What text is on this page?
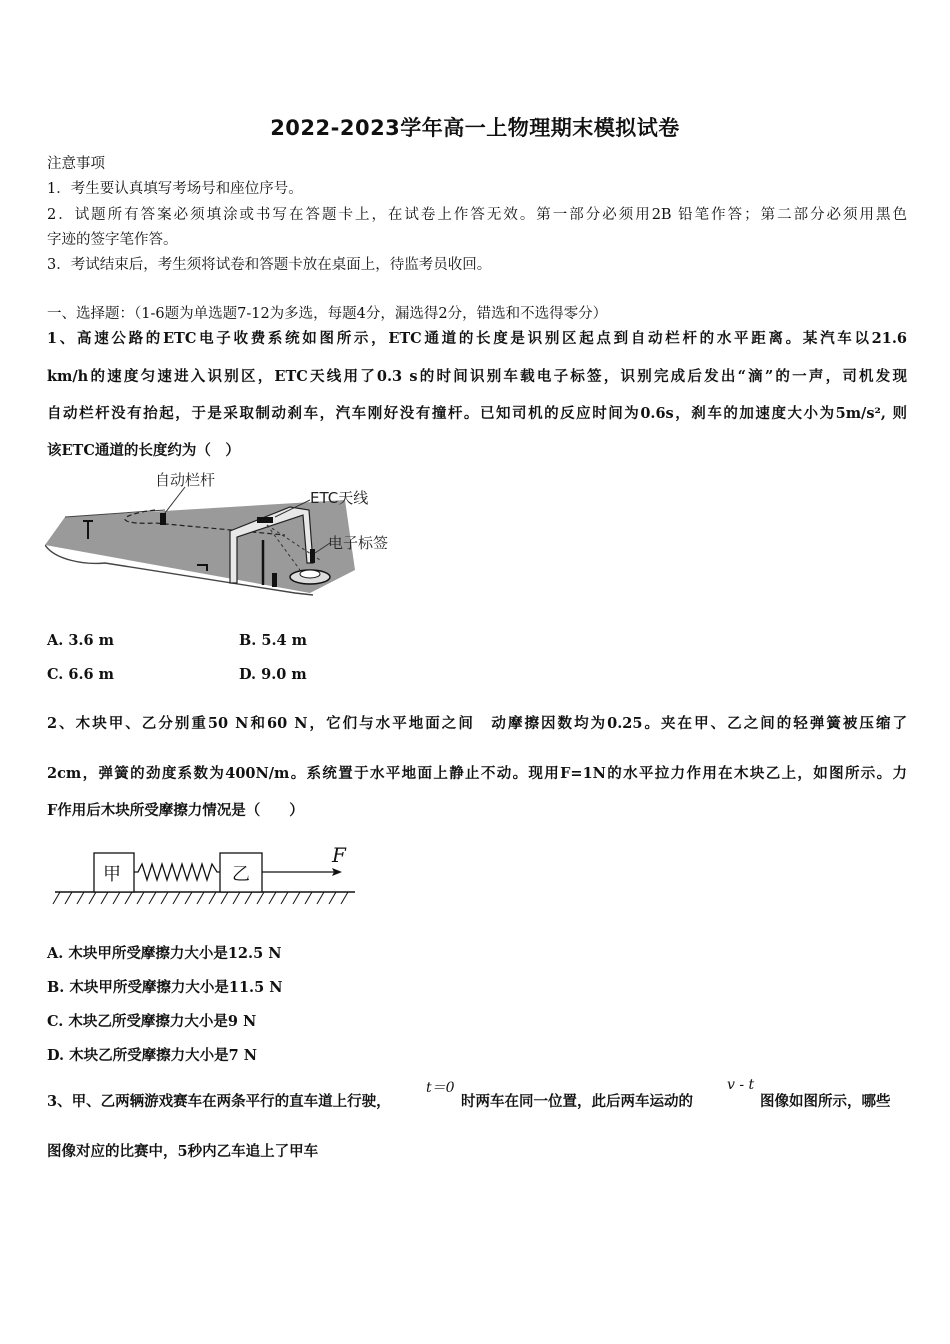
2022-2023学年高一上物理期末模拟试卷
注意事项
1．考生要认真填写考场号和座位序号。
2．试题所有答案必须填涂或书写在答题卡上，在试卷上作答无效。第一部分必须用2B 铅笔作答；第二部分必须用黑色
字迹的签字笔作答。
3．考试结束后，考生须将试卷和答题卡放在桌面上，待监考员收回。
一、选择题：（1-6题为单选题7-12为多选，每题4分，漏选得2分，错选和不选得零分）
1、高速公路的ETC电子收费系统如图所示，ETC通道的长度是识别区起点到自动栏杆的水平距离。某汽车以21.6
km/h的速度匀速进入识别区，ETC天线用了0.3 s的时间识别车载电子标签，识别完成后发出“滴”的一声，司机发现
自动栏杆没有抬起，于是采取制动刹车，汽车刚好没有撞杆。已知司机的反应时间为0.6s，刹车的加速度大小为5m/s², 则
该ETC通道的长度约为（　）
自动栏杆
ETC天线
电子标签
A. 3.6 m	B. 5.4 m
C. 6.6 m	D. 9.0 m
2、木块甲、乙分别重50 N和60 N，它们与水平地面之间　动摩擦因数均为0.25。夹在甲、乙之间的轻弹簧被压缩了
2cm，弹簧的劲度系数为400N/m。系统置于水平地面上静止不动。现用F=1N的水平拉力作用在木块乙上，如图所示。力
F作用后木块所受摩擦力情况是（　　）
甲	乙
F
A. 木块甲所受摩擦力大小是12.5 N
B. 木块甲所受摩擦力大小是11.5 N
C. 木块乙所受摩擦力大小是9 N
D. 木块乙所受摩擦力大小是7 N
3、甲、乙两辆游戏赛车在两条平行的直车道上行驶，
t＝0
时两车在同一位置，此后两车运动的
v - t
图像如图所示，哪些
图像对应的比赛中，5秒内乙车追上了甲车
